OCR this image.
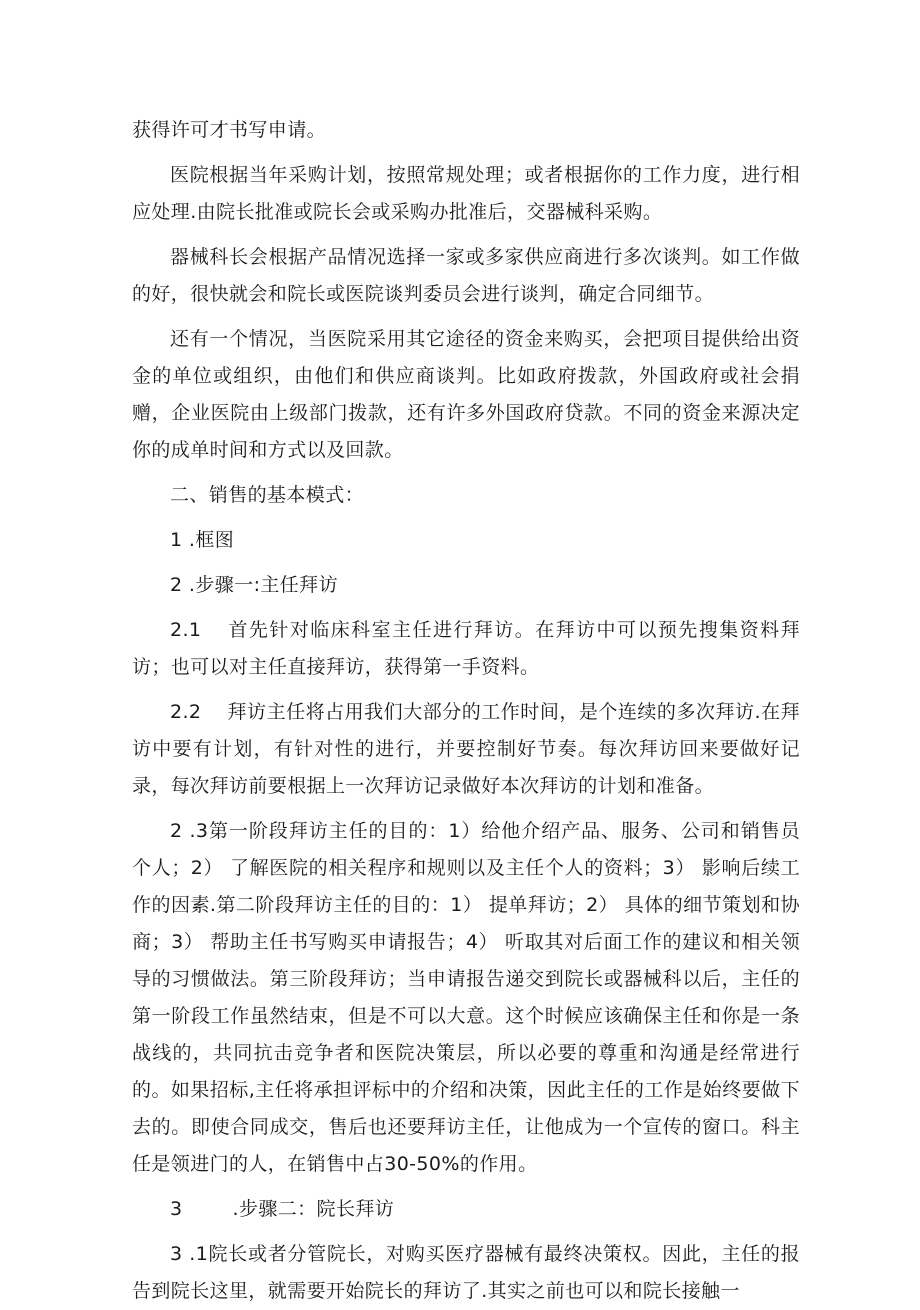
获得许可才书写申请。

医院根据当年采购计划，按照常规处理；或者根据你的工作力度，进行相应处理.由院长批准或院长会或采购办批准后，交器械科采购。

器械科长会根据产品情况选择一家或多家供应商进行多次谈判。如工作做的好，很快就会和院长或医院谈判委员会进行谈判，确定合同细节。

还有一个情况，当医院采用其它途径的资金来购买，会把项目提供给出资金的单位或组织，由他们和供应商谈判。比如政府拨款，外国政府或社会捐赠，企业医院由上级部门拨款，还有许多外国政府贷款。不同的资金来源决定你的成单时间和方式以及回款。

二、销售的基本模式：

1 .框图

2 .步骤一:主任拜访

2.1 首先针对临床科室主任进行拜访。在拜访中可以预先搜集资料拜访；也可以对主任直接拜访，获得第一手资料。

2.2 拜访主任将占用我们大部分的工作时间，是个连续的多次拜访.在拜访中要有计划，有针对性的进行，并要控制好节奏。每次拜访回来要做好记录，每次拜访前要根据上一次拜访记录做好本次拜访的计划和准备。

2 .3第一阶段拜访主任的目的：1）给他介绍产品、服务、公司和销售员个人；2） 了解医院的相关程序和规则以及主任个人的资料；3） 影响后续工作的因素.第二阶段拜访主任的目的：1） 提单拜访；2） 具体的细节策划和协商；3） 帮助主任书写购买申请报告；4） 听取其对后面工作的建议和相关领导的习惯做法。第三阶段拜访；当申请报告递交到院长或器械科以后，主任的第一阶段工作虽然结束，但是不可以大意。这个时候应该确保主任和你是一条战线的，共同抗击竞争者和医院决策层，所以必要的尊重和沟通是经常进行的。如果招标,主任将承担评标中的介绍和决策，因此主任的工作是始终要做下去的。即使合同成交，售后也还要拜访主任，让他成为一个宣传的窗口。科主任是领进门的人，在销售中占30-50%的作用。

3	.步骤二：院长拜访

3 .1院长或者分管院长，对购买医疗器械有最终决策权。因此，主任的报告到院长这里，就需要开始院长的拜访了.其实之前也可以和院长接触一
